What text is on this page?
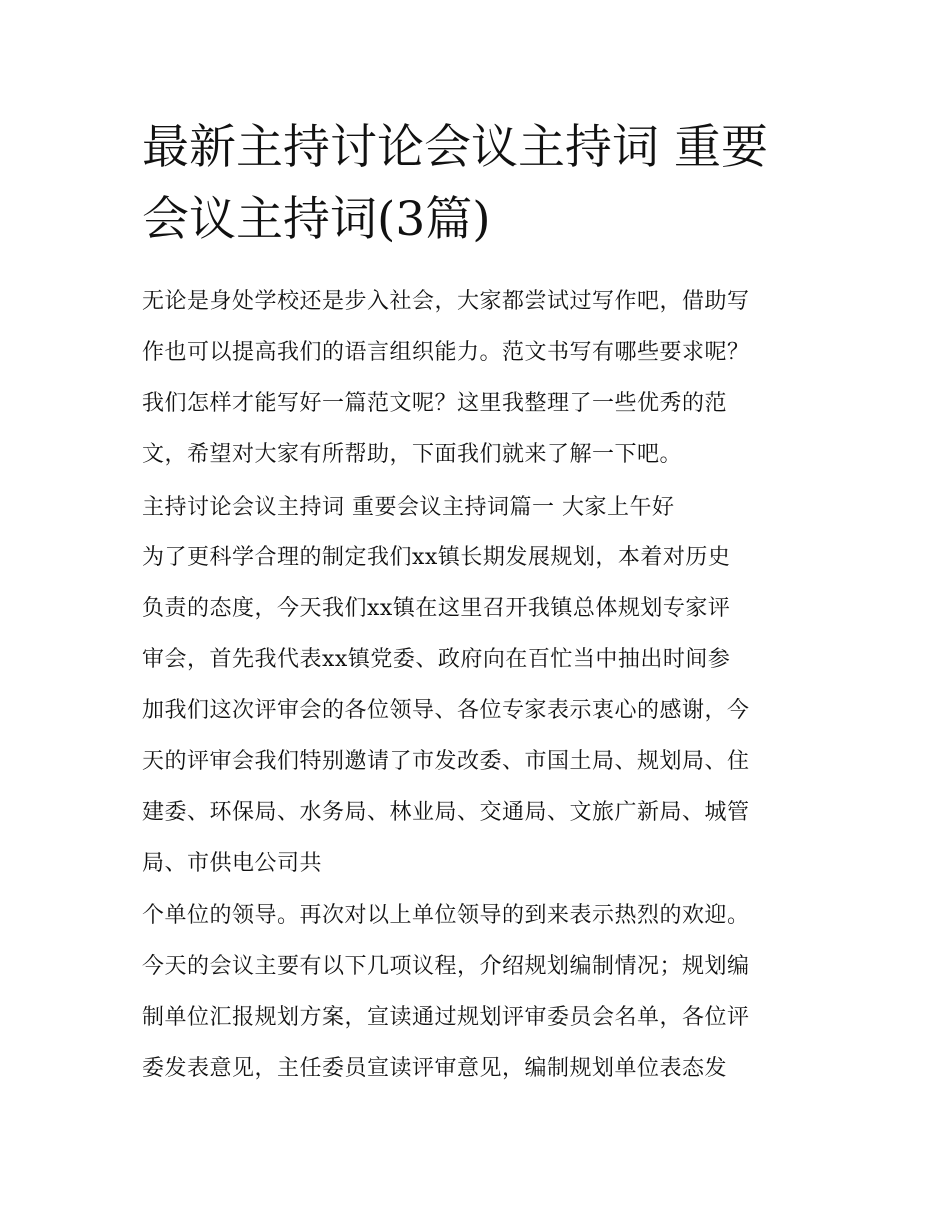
最新主持讨论会议主持词 重要
会议主持词(3篇)
无论是身处学校还是步入社会，大家都尝试过写作吧，借助写
作也可以提高我们的语言组织能力。范文书写有哪些要求呢？
我们怎样才能写好一篇范文呢？这里我整理了一些优秀的范
文，希望对大家有所帮助，下面我们就来了解一下吧。
主持讨论会议主持词 重要会议主持词篇一 大家上午好
为了更科学合理的制定我们xx镇长期发展规划，本着对历史
负责的态度，今天我们xx镇在这里召开我镇总体规划专家评
审会，首先我代表xx镇党委、政府向在百忙当中抽出时间参
加我们这次评审会的各位领导、各位专家表示衷心的感谢，今
天的评审会我们特别邀请了市发改委、市国土局、规划局、住
建委、环保局、水务局、林业局、交通局、文旅广新局、城管
局、市供电公司共
个单位的领导。再次对以上单位领导的到来表示热烈的欢迎。
今天的会议主要有以下几项议程，介绍规划编制情况；规划编
制单位汇报规划方案，宣读通过规划评审委员会名单，各位评
委发表意见，主任委员宣读评审意见，编制规划单位表态发
